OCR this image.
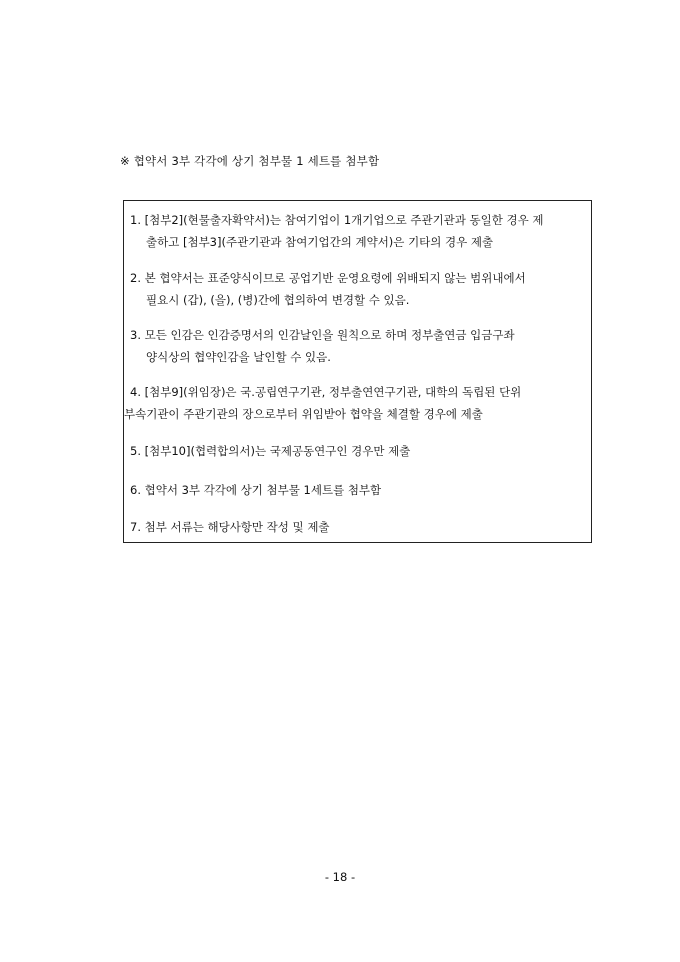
※ 협약서 3부 각각에 상기 첨부물 1 세트를 첨부함
1. [첨부2](현물출자확약서)는 참여기업이 1개기업으로 주관기관과 동일한 경우 제
출하고 [첨부3](주관기관과 참여기업간의 계약서)은 기타의 경우 제출
2. 본 협약서는 표준양식이므로 공업기반 운영요령에 위배되지 않는 범위내에서
필요시 (갑), (을), (병)간에 협의하여 변경할 수 있음.
3. 모든 인감은 인감증명서의 인감날인을 원칙으로 하며 정부출연금 입금구좌
양식상의 협약인감을 날인할 수 있음.
4. [첨부9](위임장)은 국.공립연구기관, 정부출연연구기관, 대학의 독립된 단위
부속기관이 주관기관의 장으로부터 위임받아 협약을 체결할 경우에 제출
5. [첨부10](협력합의서)는 국제공동연구인 경우만 제출
6. 협약서 3부 각각에 상기 첨부물 1세트를 첨부함
7. 첨부 서류는 해당사항만 작성 및 제출
- 18 -
